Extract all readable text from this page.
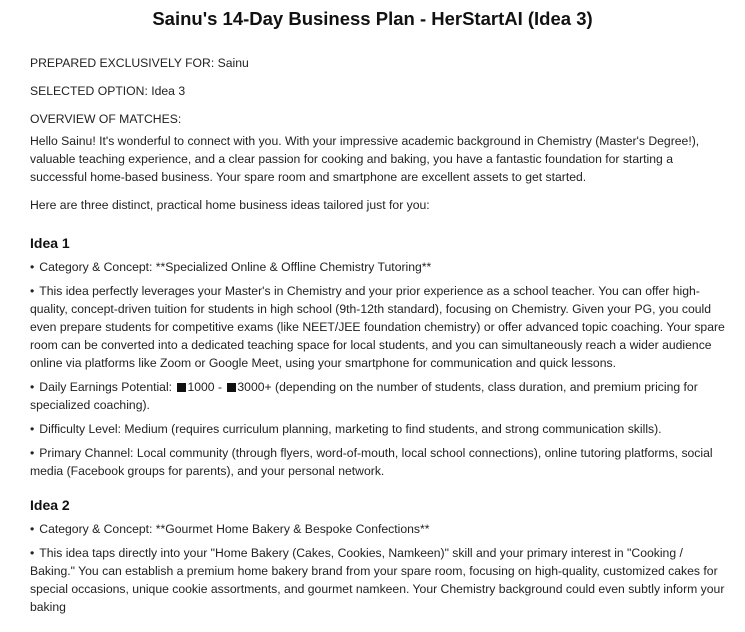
Sainu's 14-Day Business Plan - HerStartAI (Idea 3)

PREPARED EXCLUSIVELY FOR: Sainu

SELECTED OPTION: Idea 3

OVERVIEW OF MATCHES:

Hello Sainu! It's wonderful to connect with you. With your impressive academic background in Chemistry (Master's Degree!), valuable teaching experience, and a clear passion for cooking and baking, you have a fantastic foundation for starting a successful home-based business. Your spare room and smartphone are excellent assets to get started.

Here are three distinct, practical home business ideas tailored just for you:

Idea 1

• Category & Concept: **Specialized Online & Offline Chemistry Tutoring**

• This idea perfectly leverages your Master's in Chemistry and your prior experience as a school teacher. You can offer high-quality, concept-driven tuition for students in high school (9th-12th standard), focusing on Chemistry. Given your PG, you could even prepare students for competitive exams (like NEET/JEE foundation chemistry) or offer advanced topic coaching. Your spare room can be converted into a dedicated teaching space for local students, and you can simultaneously reach a wider audience online via platforms like Zoom or Google Meet, using your smartphone for communication and quick lessons.

• Daily Earnings Potential: 1000 - 3000+ (depending on the number of students, class duration, and premium pricing for specialized coaching).

• Difficulty Level: Medium (requires curriculum planning, marketing to find students, and strong communication skills).

• Primary Channel: Local community (through flyers, word-of-mouth, local school connections), online tutoring platforms, social media (Facebook groups for parents), and your personal network.

Idea 2

• Category & Concept: **Gourmet Home Bakery & Bespoke Confections**

• This idea taps directly into your "Home Bakery (Cakes, Cookies, Namkeen)" skill and your primary interest in "Cooking / Baking." You can establish a premium home bakery brand from your spare room, focusing on high-quality, customized cakes for special occasions, unique cookie assortments, and gourmet namkeen. Your Chemistry background could even subtly inform your baking
